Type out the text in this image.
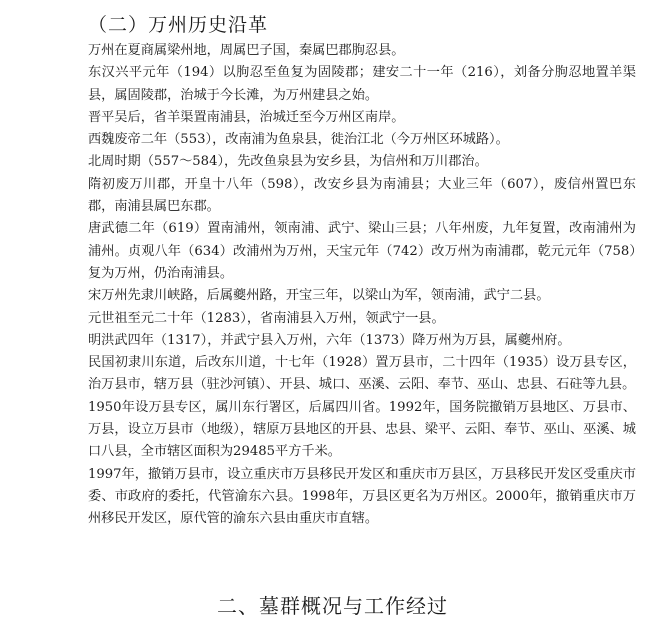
（二）万州历史沿革

万州在夏商属梁州地，周属巴子国，秦属巴郡朐忍县。

东汉兴平元年（194）以朐忍至鱼复为固陵郡；建安二十一年（216），刘备分朐忍地置羊渠县，属固陵郡，治城于今长滩，为万州建县之始。

晋平吴后，省羊渠置南浦县，治城迁至今万州区南岸。

西魏废帝二年（553），改南浦为鱼泉县，徙治江北（今万州区环城路）。

北周时期（557～584），先改鱼泉县为安乡县，为信州和万川郡治。

隋初废万川郡，开皇十八年（598），改安乡县为南浦县；大业三年（607），废信州置巴东郡，南浦县属巴东郡。

唐武德二年（619）置南浦州，领南浦、武宁、梁山三县；八年州废，九年复置，改南浦州为浦州。贞观八年（634）改浦州为万州，天宝元年（742）改万州为南浦郡，乾元元年（758）复为万州，仍治南浦县。

宋万州先隶川峡路，后属夔州路，开宝三年，以梁山为军，领南浦，武宁二县。

元世祖至元二十年（1283），省南浦县入万州，领武宁一县。

明洪武四年（1317），并武宁县入万州，六年（1373）降万州为万县，属夔州府。

民国初隶川东道，后改东川道，十七年（1928）置万县市，二十四年（1935）设万县专区，治万县市，辖万县（驻沙河镇）、开县、城口、巫溪、云阳、奉节、巫山、忠县、石砫等九县。

1950年设万县专区，属川东行署区，后属四川省。1992年，国务院撤销万县地区、万县市、万县，设立万县市（地级），辖原万县地区的开县、忠县、梁平、云阳、奉节、巫山、巫溪、城口八县，全市辖区面积为29485平方千米。

1997年，撤销万县市，设立重庆市万县移民开发区和重庆市万县区，万县移民开发区受重庆市委、市政府的委托，代管渝东六县。1998年，万县区更名为万州区。2000年，撤销重庆市万州移民开发区，原代管的渝东六县由重庆市直辖。

二、墓群概况与工作经过
